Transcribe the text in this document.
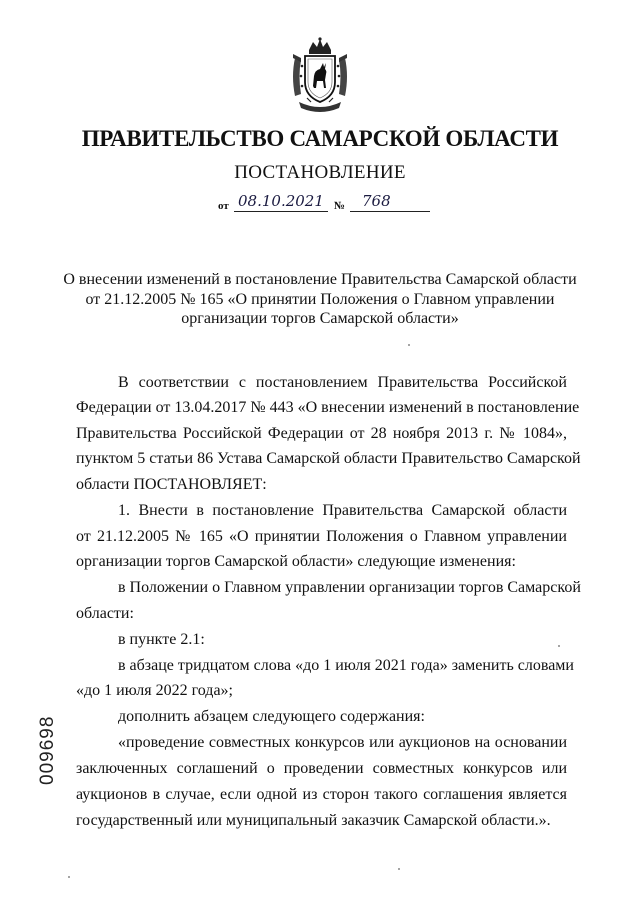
ПРАВИТЕЛЬСТВО САМАРСКОЙ ОБЛАСТИ
ПОСТАНОВЛЕНИЕ
от 08.10.2021 № 768
О внесении изменений в постановление Правительства Самарской области
от 21.12.2005 № 165 «О принятии Положения о Главном управлении
организации торгов Самарской области»
В соответствии с постановлением Правительства Российской
Федерации от 13.04.2017 № 443 «О внесении изменений в постановление
Правительства Российской Федерации от 28 ноября 2013 г. № 1084»,
пунктом 5 статьи 86 Устава Самарской области Правительство Самарской
области ПОСТАНОВЛЯЕТ:
1. Внести в постановление Правительства Самарской области
от 21.12.2005 № 165 «О принятии Положения о Главном управлении
организации торгов Самарской области» следующие изменения:
в Положении о Главном управлении организации торгов Самарской
области:
в пункте 2.1:
в абзаце тридцатом слова «до 1 июля 2021 года» заменить словами
«до 1 июля 2022 года»;
дополнить абзацем следующего содержания:
«проведение совместных конкурсов или аукционов на основании
заключенных соглашений о проведении совместных конкурсов или
аукционов в случае, если одной из сторон такого соглашения является
государственный или муниципальный заказчик Самарской области.».
009698
